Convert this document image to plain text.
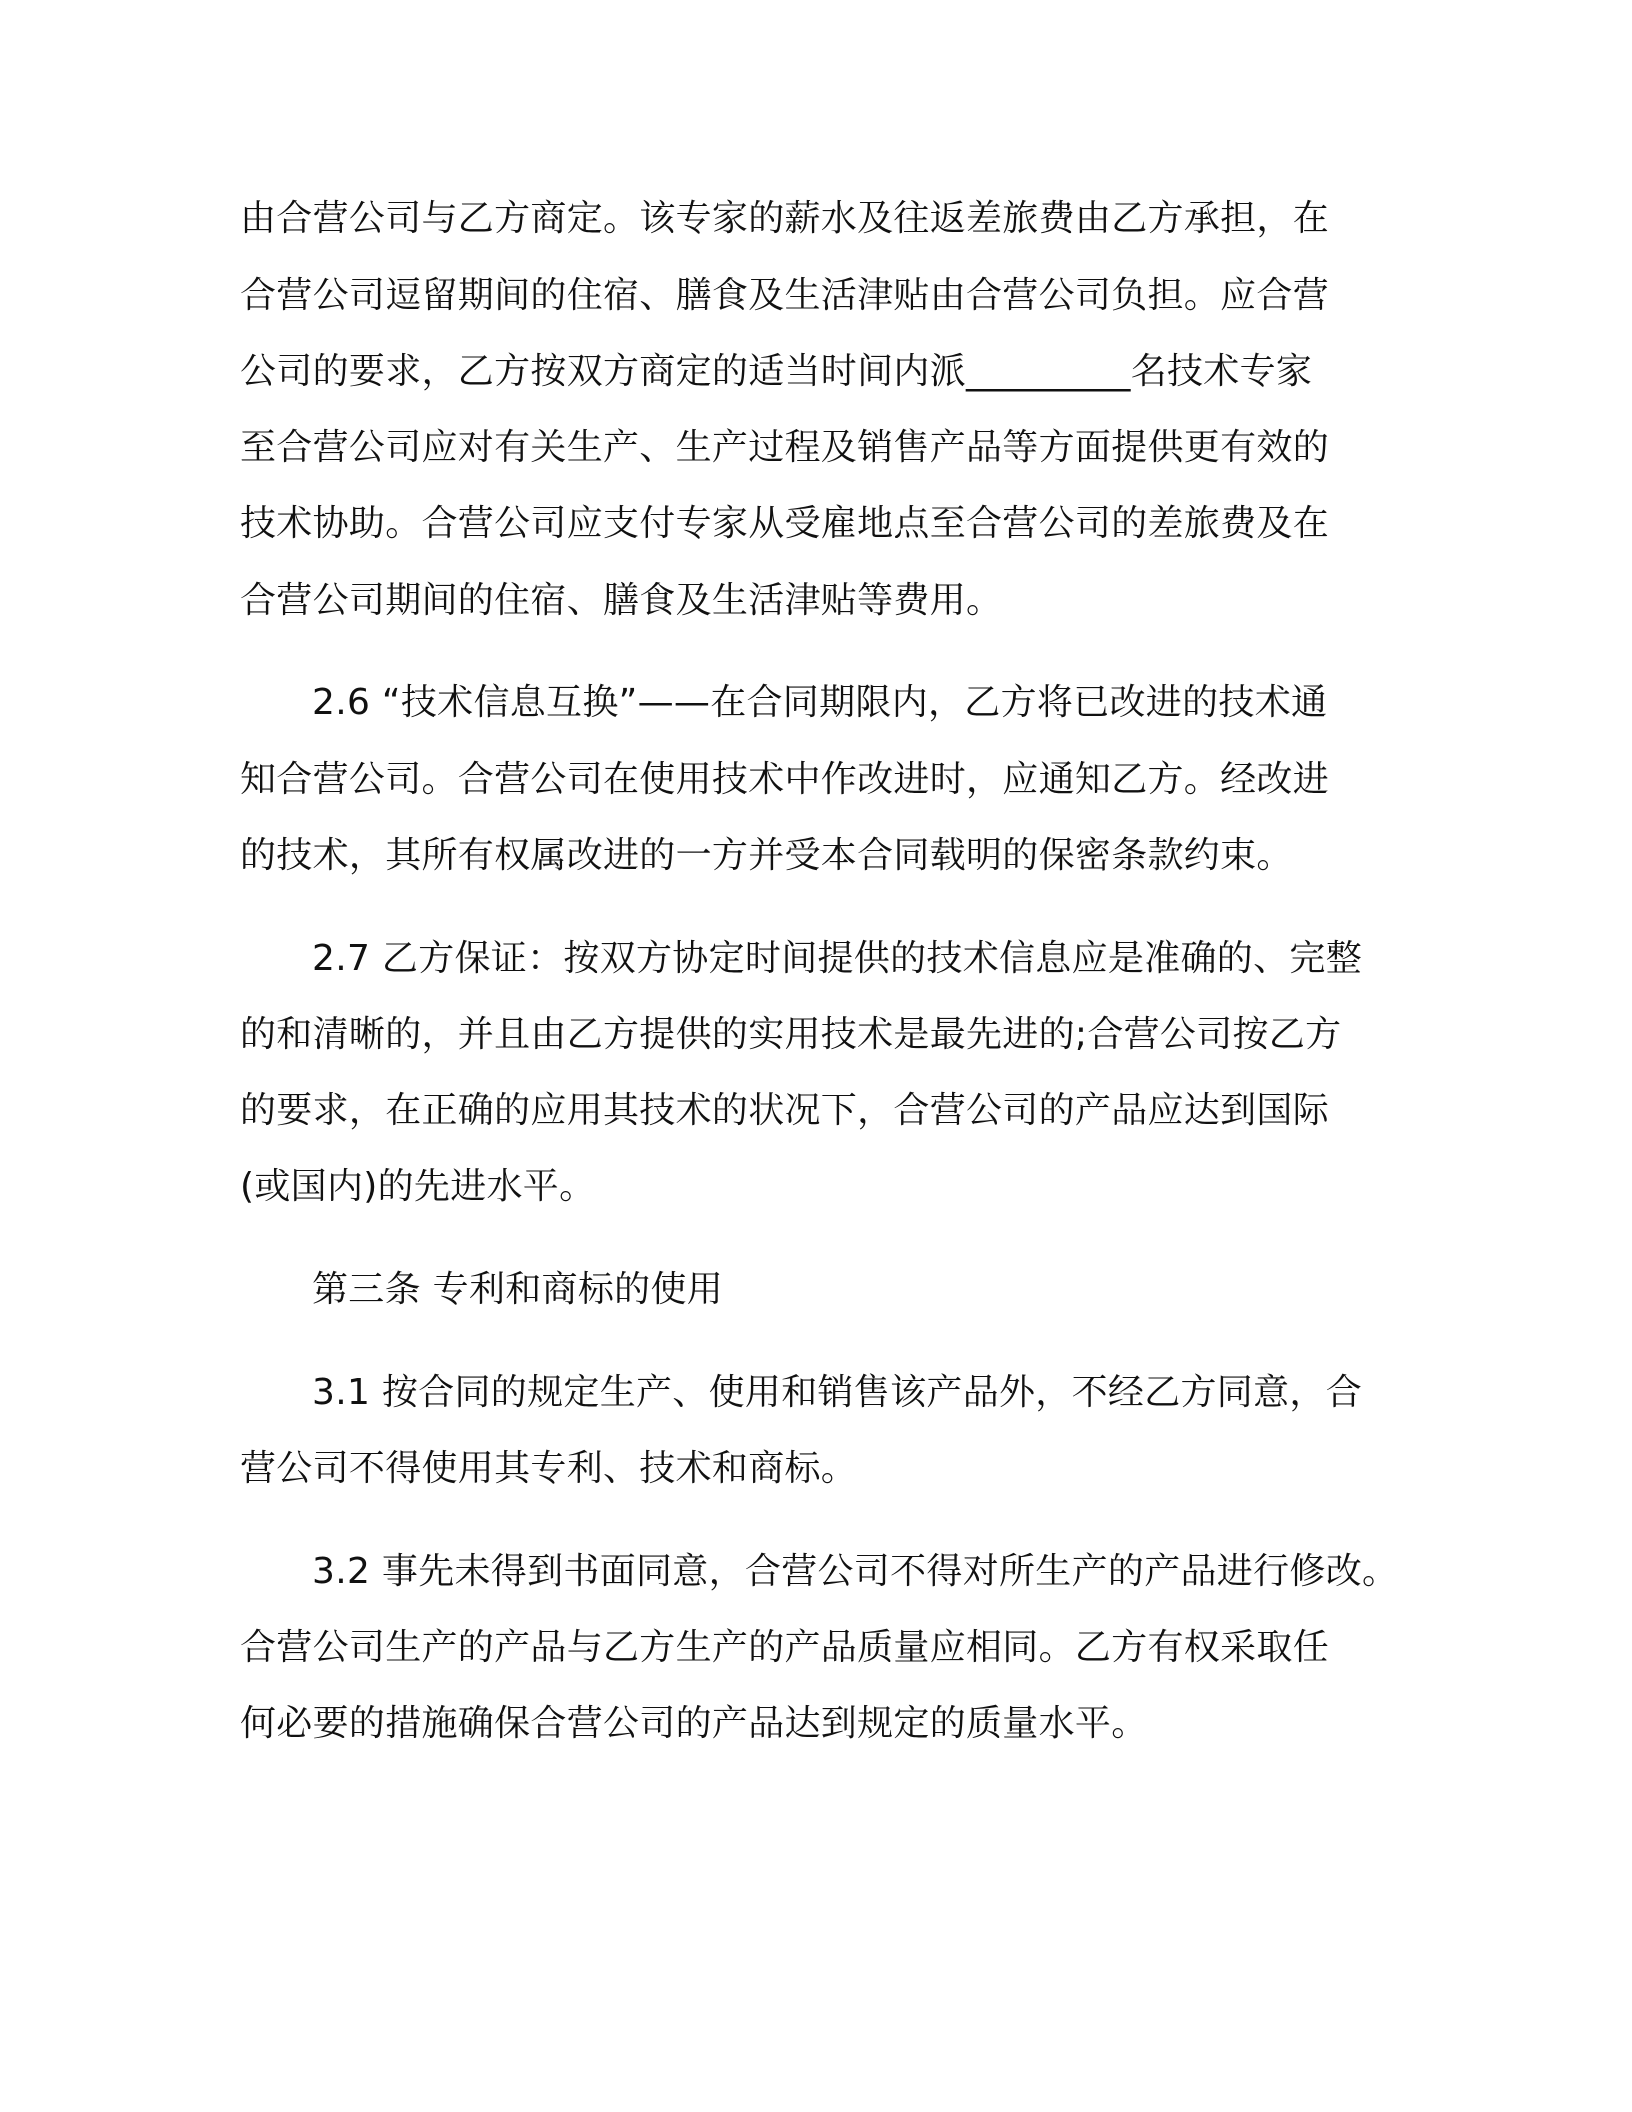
由合营公司与乙方商定。该专家的薪水及往返差旅费由乙方承担，在
合营公司逗留期间的住宿、膳食及生活津贴由合营公司负担。应合营
公司的要求，乙方按双方商定的适当时间内派_________名技术专家
至合营公司应对有关生产、生产过程及销售产品等方面提供更有效的
技术协助。合营公司应支付专家从受雇地点至合营公司的差旅费及在
合营公司期间的住宿、膳食及生活津贴等费用。
2.6 “技术信息互换”——在合同期限内，乙方将已改进的技术通
知合营公司。合营公司在使用技术中作改进时，应通知乙方。经改进
的技术，其所有权属改进的一方并受本合同载明的保密条款约束。
2.7 乙方保证：按双方协定时间提供的技术信息应是准确的、完整
的和清晰的，并且由乙方提供的实用技术是最先进的;合营公司按乙方
的要求，在正确的应用其技术的状况下，合营公司的产品应达到国际
(或国内)的先进水平。
第三条 专利和商标的使用
3.1 按合同的规定生产、使用和销售该产品外，不经乙方同意，合
营公司不得使用其专利、技术和商标。
3.2 事先未得到书面同意，合营公司不得对所生产的产品进行修改。
合营公司生产的产品与乙方生产的产品质量应相同。乙方有权采取任
何必要的措施确保合营公司的产品达到规定的质量水平。
